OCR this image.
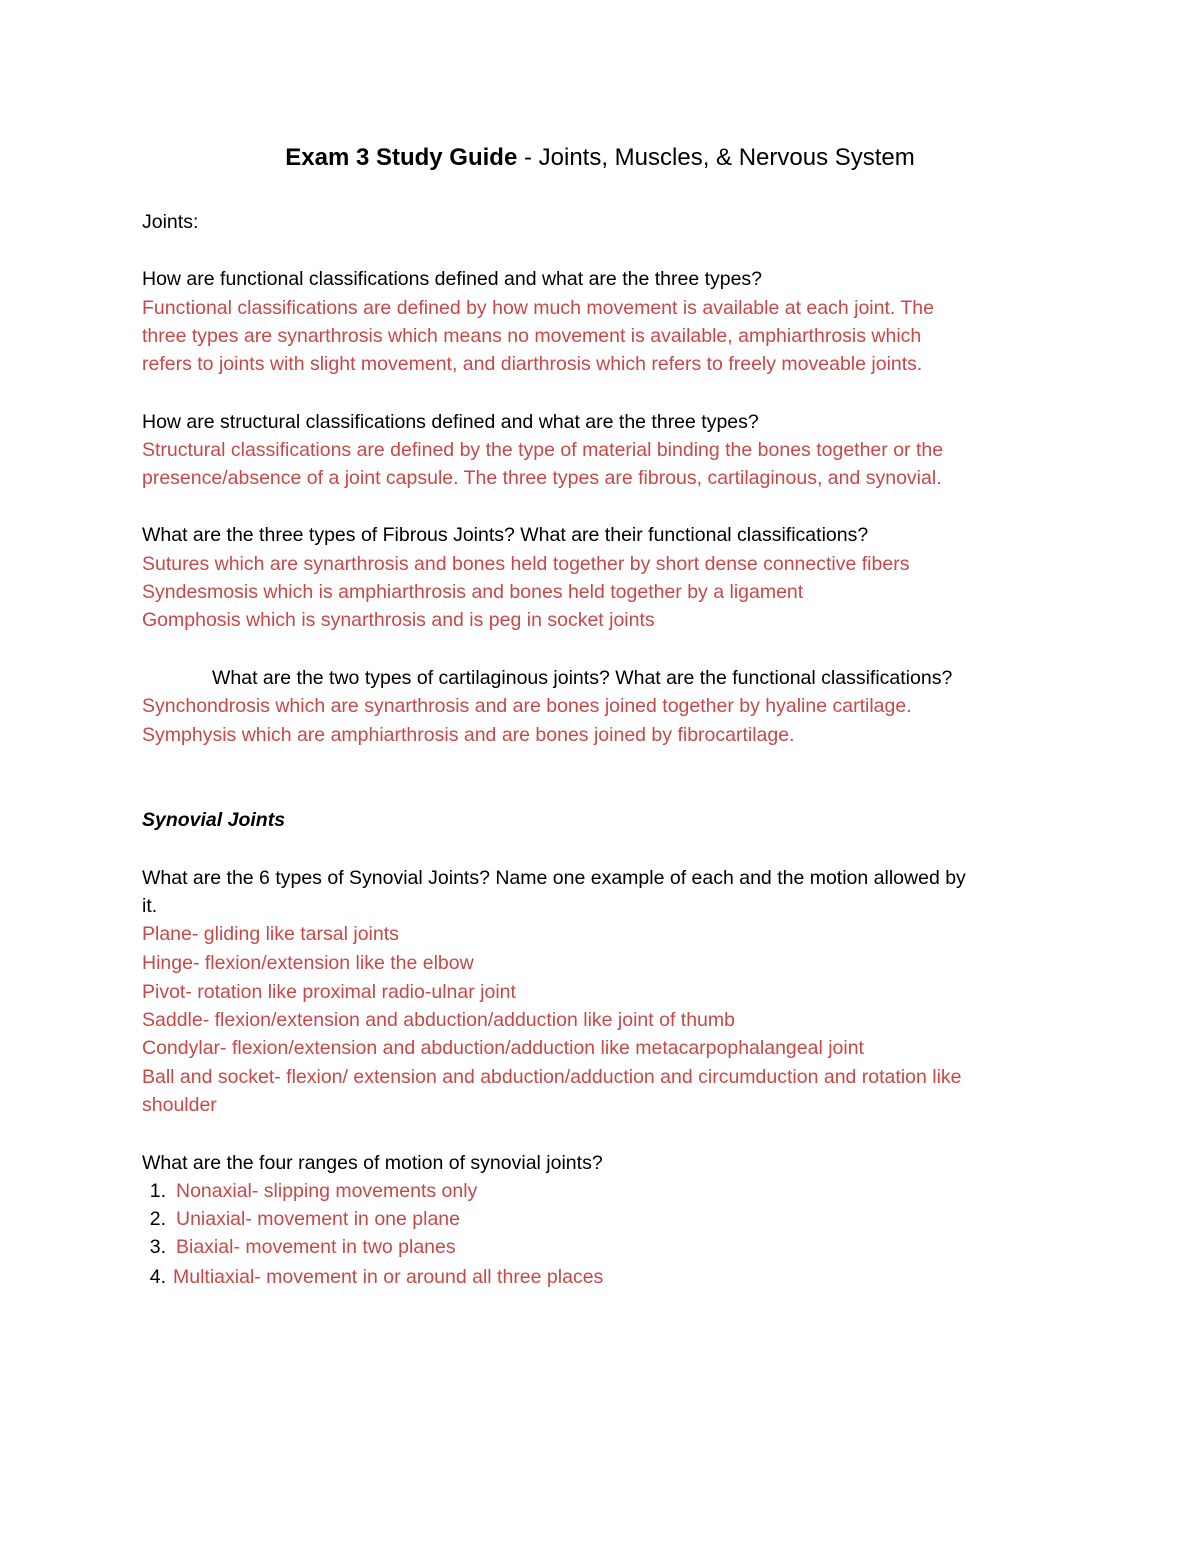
Exam 3 Study Guide - Joints, Muscles, & Nervous System
Joints:
How are functional classifications defined and what are the three types?
Functional classifications are defined by how much movement is available at each joint. The
three types are synarthrosis which means no movement is available, amphiarthrosis which
refers to joints with slight movement, and diarthrosis which refers to freely moveable joints.
How are structural classifications defined and what are the three types?
Structural classifications are defined by the type of material binding the bones together or the
presence/absence of a joint capsule. The three types are fibrous, cartilaginous, and synovial.
What are the three types of Fibrous Joints? What are their functional classifications?
Sutures which are synarthrosis and bones held together by short dense connective fibers
Syndesmosis which is amphiarthrosis and bones held together by a ligament
Gomphosis which is synarthrosis and is peg in socket joints
What are the two types of cartilaginous joints? What are the functional classifications?
Synchondrosis which are synarthrosis and are bones joined together by hyaline cartilage.
Symphysis which are amphiarthrosis and are bones joined by fibrocartilage.
Synovial Joints
What are the 6 types of Synovial Joints? Name one example of each and the motion allowed by
it.
Plane- gliding like tarsal joints
Hinge- flexion/extension like the elbow
Pivot- rotation like proximal radio-ulnar joint
Saddle- flexion/extension and abduction/adduction like joint of thumb
Condylar- flexion/extension and abduction/adduction like metacarpophalangeal joint
Ball and socket- flexion/ extension and abduction/adduction and circumduction and rotation like
shoulder
What are the four ranges of motion of synovial joints?
1. Nonaxial- slipping movements only
2. Uniaxial- movement in one plane
3. Biaxial- movement in two planes
4. Multiaxial- movement in or around all three places
